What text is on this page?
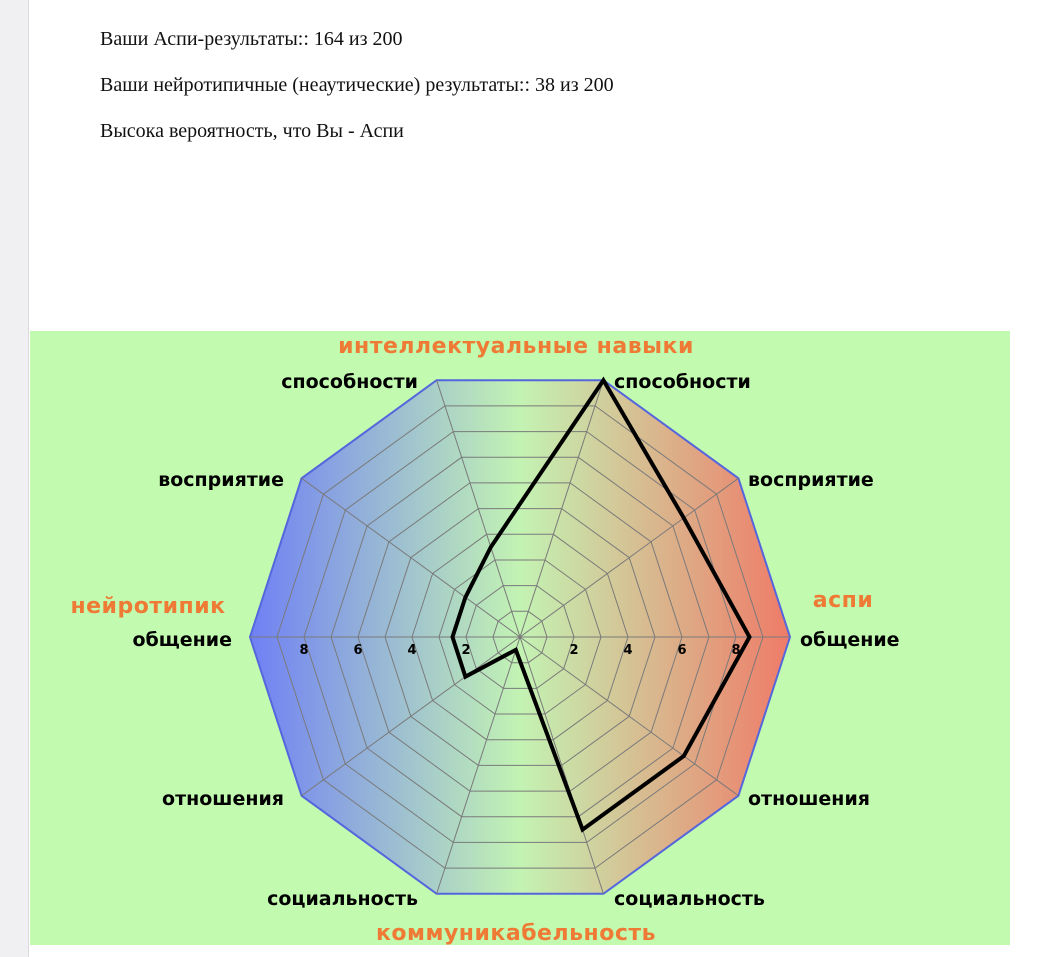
Ваши Аспи-результаты:: 164 из 200

Ваши нейротипичные (неаутические) результаты:: 38 из 200

Высока вероятность, что Вы - Аспи

интеллектуальные навыки
коммуникабельность
нейротипик	аспи
способности	способности
восприятие	восприятие
общение	общение
отношения	отношения
социальность	социальность
2	4	6	8
8	6	4	2
